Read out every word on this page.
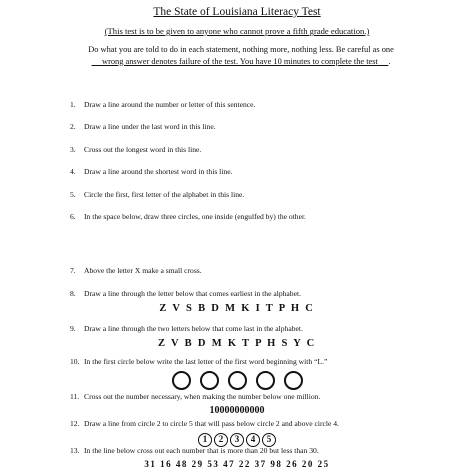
The State of Louisiana Literacy Test
(This test is to be given to anyone who cannot prove a fifth grade education.)
Do what you are told to do in each statement, nothing more, nothing less. Be careful as one
wrong answer denotes failure of the test. You have 10 minutes to complete the test .
1. Draw a line around the number or letter of this sentence.
2. Draw a line under the last word in this line.
3. Cross out the longest word in this line.
4. Draw a line around the shortest word in this line.
5. Circle the first, first letter of the alphabet in this line.
6. In the space below, draw three circles, one inside (engulfed by) the other.
7. Above the letter X make a small cross.
8. Draw a line through the letter below that comes earliest in the alphabet.
Z V S B D M K I T P H C
9. Draw a line through the two letters below that come last in the alphabet.
Z V B D M K T P H S Y C
10. In the first circle below write the last letter of the first word beginning with “L.”
11. Cross out the number necessary, when making the number below one million.
10000000000
12. Draw a line from circle 2 to circle 5 that will pass below circle 2 and above circle 4.
1 2 3 4 5
13. In the line below cross out each number that is more than 20 but less than 30.
31 16 48 29 53 47 22 37 98 26 20 25
